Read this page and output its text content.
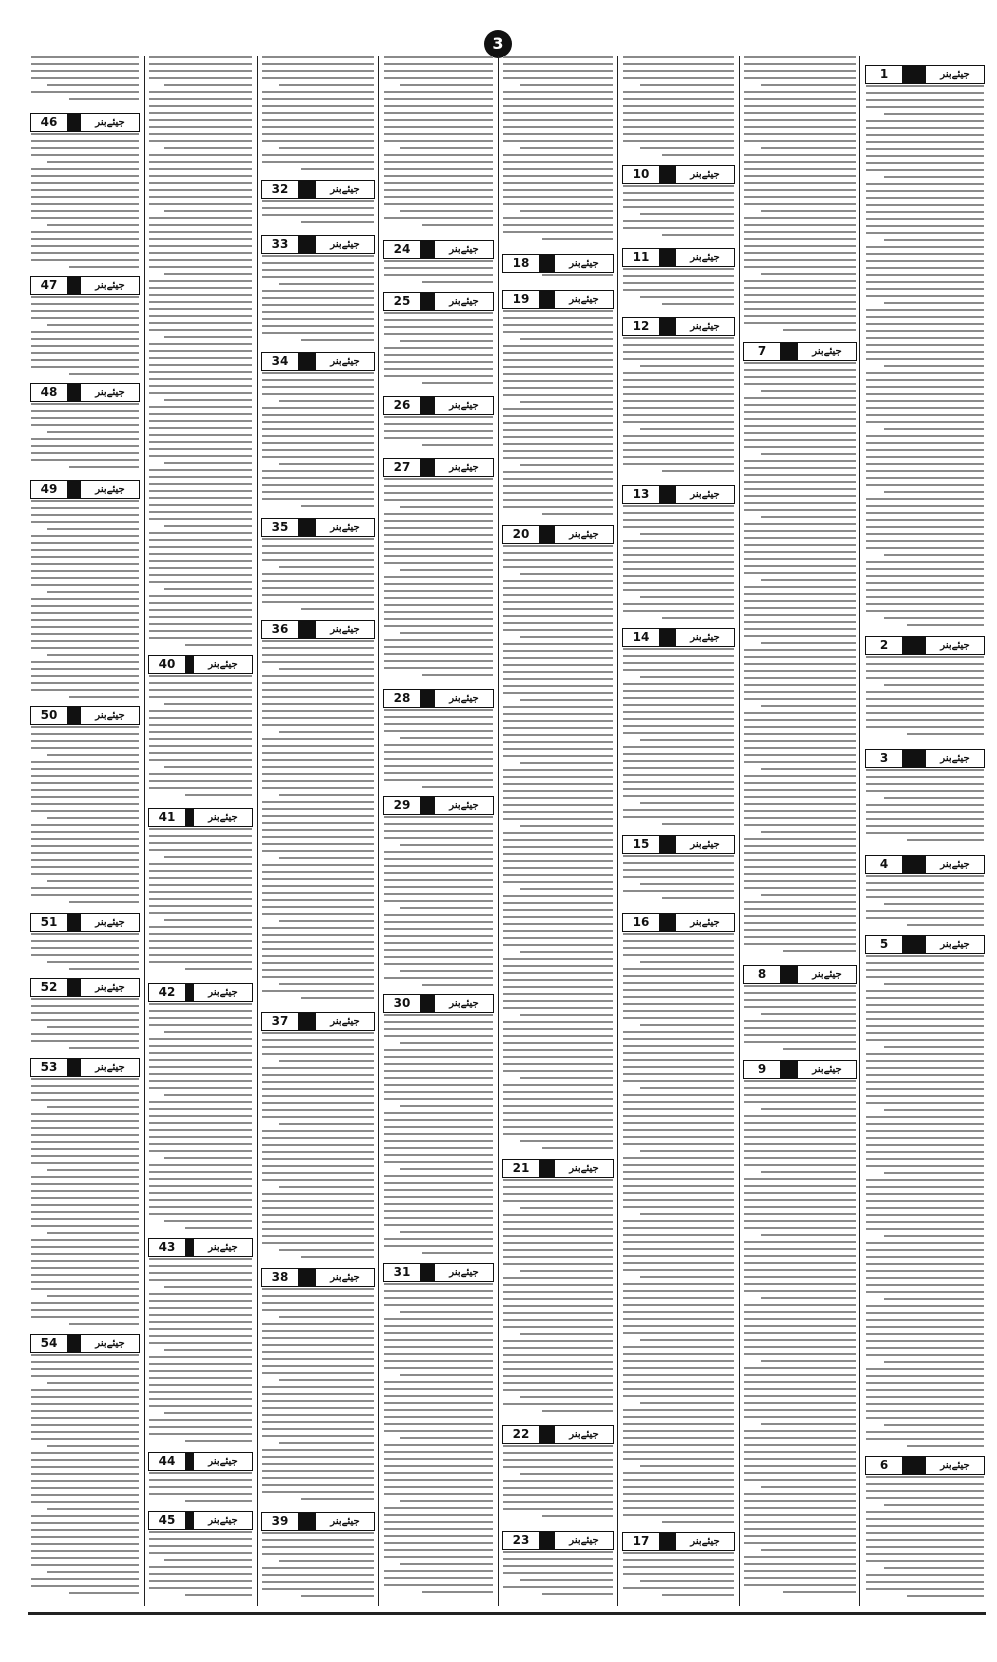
3
1	جیئےبنر
2	جیئےبنر
3	جیئےبنر
4	جیئےبنر
5	جیئےبنر
6	جیئےبنر
7	جیئےبنر
8	جیئےبنر
9	جیئےبنر
10	جیئےبنر
11	جیئےبنر
12	جیئےبنر
13	جیئےبنر
14	جیئےبنر
15	جیئےبنر
16	جیئےبنر
17	جیئےبنر
18	جیئےبنر
19	جیئےبنر
20	جیئےبنر
21	جیئےبنر
22	جیئےبنر
23	جیئےبنر
24	جیئےبنر
25	جیئےبنر
26	جیئےبنر
27	جیئےبنر
28	جیئےبنر
29	جیئےبنر
30	جیئےبنر
31	جیئےبنر
32	جیئےبنر
33	جیئےبنر
34	جیئےبنر
35	جیئےبنر
36	جیئےبنر
37	جیئےبنر
38	جیئےبنر
39	جیئےبنر
40	جیئےبنر
41	جیئےبنر
42	جیئےبنر
43	جیئےبنر
44	جیئےبنر
45	جیئےبنر
46	جیئےبنر
47	جیئےبنر
48	جیئےبنر
49	جیئےبنر
50	جیئےبنر
51	جیئےبنر
52	جیئےبنر
53	جیئےبنر
54	جیئےبنر
